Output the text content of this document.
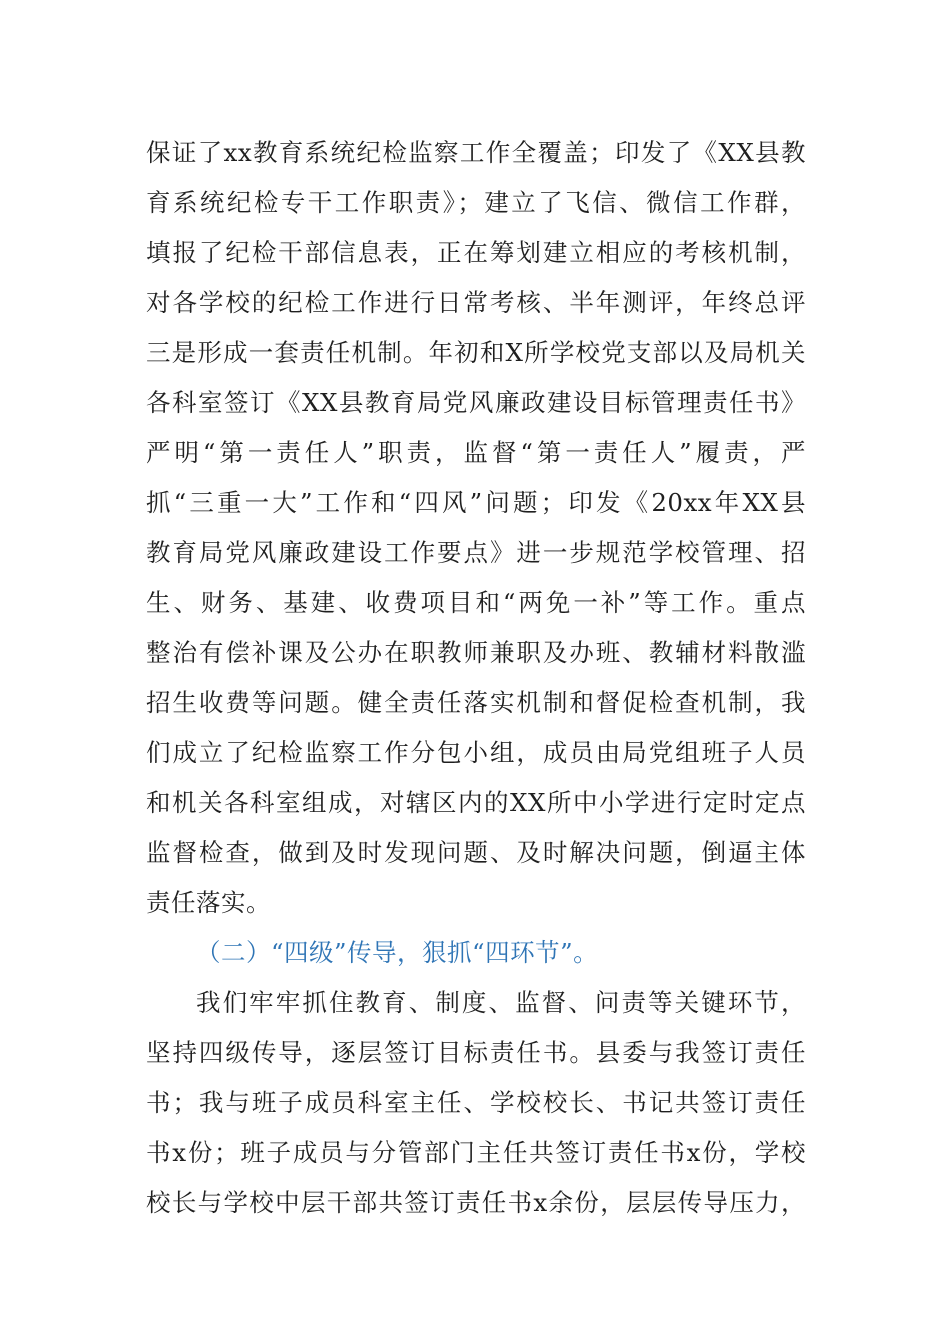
保证了xx教育系统纪检监察工作全覆盖；印发了《XX县教
育系统纪检专干工作职责》；建立了飞信、微信工作群，
填报了纪检干部信息表，正在筹划建立相应的考核机制，
对各学校的纪检工作进行日常考核、半年测评，年终总评
三是形成一套责任机制。年初和X所学校党支部以及局机关
各科室签订《XX县教育局党风廉政建设目标管理责任书》
严明“第一责任人”职责，监督“第一责任人”履责，严
抓“三重一大”工作和“四风”问题；印发《20xx年XX县
教育局党风廉政建设工作要点》进一步规范学校管理、招
生、财务、基建、收费项目和“两免一补”等工作。重点
整治有偿补课及公办在职教师兼职及办班、教辅材料散滥
招生收费等问题。健全责任落实机制和督促检查机制，我
们成立了纪检监察工作分包小组，成员由局党组班子人员
和机关各科室组成，对辖区内的XX所中小学进行定时定点
监督检查，做到及时发现问题、及时解决问题，倒逼主体
责任落实。
（二）“四级”传导，狠抓“四环节”。
我们牢牢抓住教育、制度、监督、问责等关键环节，
坚持四级传导，逐层签订目标责任书。县委与我签订责任
书；我与班子成员科室主任、学校校长、书记共签订责任
书x份；班子成员与分管部门主任共签订责任书x份，学校
校长与学校中层干部共签订责任书x余份，层层传导压力，
